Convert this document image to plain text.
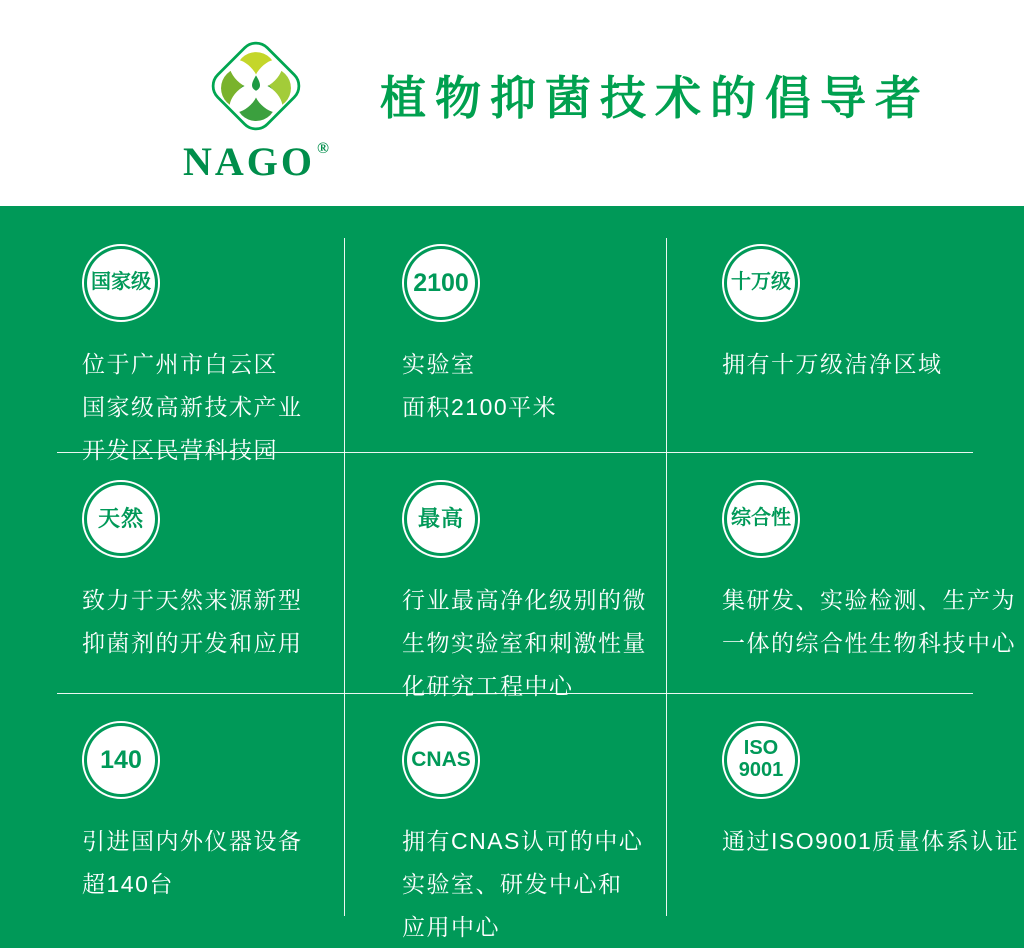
NAGO ®
植物抑菌技术的倡导者
国家级
位于广州市白云区
国家级高新技术产业
开发区民营科技园
2100
实验室
面积2100平米
十万级
拥有十万级洁净区域
天然
致力于天然来源新型
抑菌剂的开发和应用
最高
行业最高净化级别的微
生物实验室和刺激性量
化研究工程中心
综合性
集研发、实验检测、生产为
一体的综合性生物科技中心
140
引进国内外仪器设备
超140台
CNAS
拥有CNAS认可的中心
实验室、研发中心和
应用中心
ISO
9001
通过ISO9001质量体系认证
